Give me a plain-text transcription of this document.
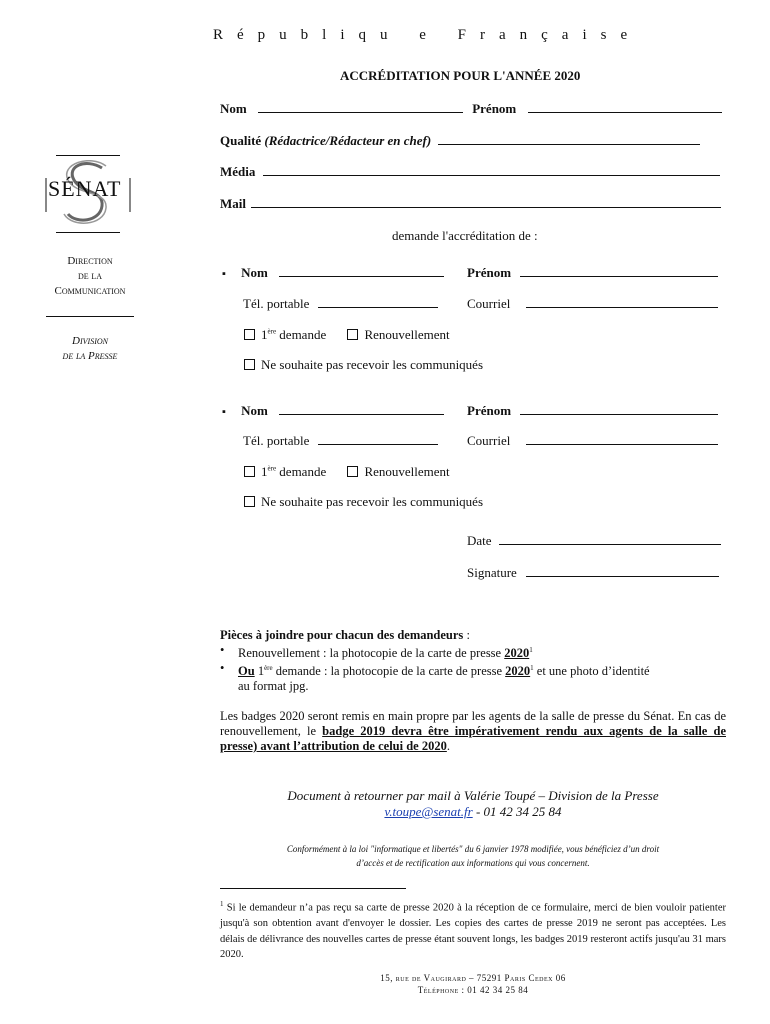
Républiqu e Française
ACCRÉDITATION POUR L'ANNÉE 2020
SÉNAT
Direction
de la
Communication
Division
de la Presse
Nom	Prénom
Qualité (Rédactrice/Rédacteur en chef)
Média
Mail
demande l'accréditation de :
▪ Nom	Prénom
Tél. portable	Courriel
1ère demande	Renouvellement
Ne souhaite pas recevoir les communiqués
▪ Nom	Prénom
Tél. portable	Courriel
1ère demande	Renouvellement
Ne souhaite pas recevoir les communiqués
Date
Signature
Pièces à joindre pour chacun des demandeurs :
• Renouvellement : la photocopie de la carte de presse 2020$^1$
• Ou 1ère demande : la photocopie de la carte de presse 2020$^1$ et une photo d’identité
au format jpg.
Les badges 2020 seront remis en main propre par les agents de la salle de presse du Sénat. En cas de renouvellement, le badge 2019 devra être impérativement rendu aux agents de la salle de presse) avant l’attribution de celui de 2020.
Document à retourner par mail à Valérie Toupé – Division de la Presse
v.toupe@senat.fr - 01 42 34 25 84
Conformément à la loi "informatique et libertés" du 6 janvier 1978 modifiée, vous bénéficiez d’un droit
d’accès et de rectification aux informations qui vous concernent.
$^1$ Si le demandeur n’a pas reçu sa carte de presse 2020 à la réception de ce formulaire, merci de bien vouloir patienter jusqu'à son obtention avant d'envoyer le dossier. Les copies des cartes de presse 2019 ne seront pas acceptées. Les délais de délivrance des nouvelles cartes de presse étant souvent longs, les badges 2019 resteront actifs jusqu'au 31 mars 2020.
15, rue de Vaugirard – 75291 Paris Cedex 06
Téléphone : 01 42 34 25 84
